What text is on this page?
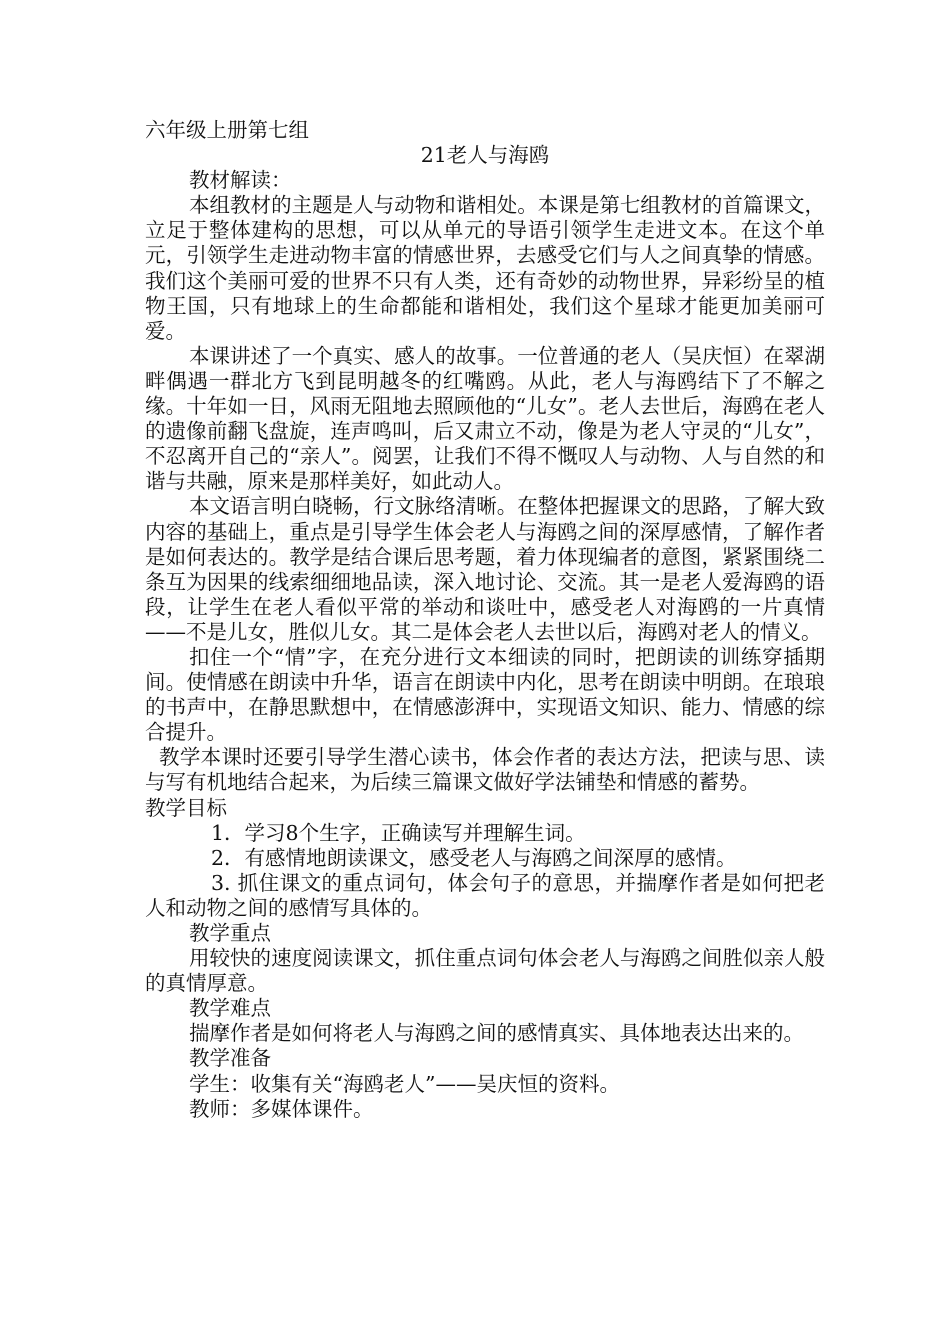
六年级上册第七组

21老人与海鸥

教材解读：

本组教材的主题是人与动物和谐相处。本课是第七组教材的首篇课文，立足于整体建构的思想，可以从单元的导语引领学生走进文本。在这个单元，引领学生走进动物丰富的情感世界，去感受它们与人之间真挚的情感。我们这个美丽可爱的世界不只有人类，还有奇妙的动物世界，异彩纷呈的植物王国，只有地球上的生命都能和谐相处，我们这个星球才能更加美丽可爱。

本课讲述了一个真实、感人的故事。一位普通的老人（吴庆恒）在翠湖畔偶遇一群北方飞到昆明越冬的红嘴鸥。从此，老人与海鸥结下了不解之缘。十年如一日，风雨无阻地去照顾他的“儿女”。老人去世后，海鸥在老人的遗像前翻飞盘旋，连声鸣叫，后又肃立不动，像是为老人守灵的“儿女”，不忍离开自己的“亲人”。阅罢，让我们不得不慨叹人与动物、人与自然的和谐与共融，原来是那样美好，如此动人。

本文语言明白晓畅，行文脉络清晰。在整体把握课文的思路，了解大致内容的基础上，重点是引导学生体会老人与海鸥之间的深厚感情，了解作者是如何表达的。教学是结合课后思考题，着力体现编者的意图，紧紧围绕二条互为因果的线索细细地品读，深入地讨论、交流。其一是老人爱海鸥的语段，让学生在老人看似平常的举动和谈吐中，感受老人对海鸥的一片真情——不是儿女，胜似儿女。其二是体会老人去世以后，海鸥对老人的情义。

扣住一个“情”字，在充分进行文本细读的同时，把朗读的训练穿插期间。使情感在朗读中升华，语言在朗读中内化，思考在朗读中明朗。在琅琅的书声中，在静思默想中，在情感澎湃中，实现语文知识、能力、情感的综合提升。

教学本课时还要引导学生潜心读书，体会作者的表达方法，把读与思、读与写有机地结合起来，为后续三篇课文做好学法铺垫和情感的蓄势。

教学目标

1．学习8个生字，正确读写并理解生词。

2．有感情地朗读课文，感受老人与海鸥之间深厚的感情。

3. 抓住课文的重点词句，体会句子的意思，并揣摩作者是如何把老人和动物之间的感情写具体的。

教学重点

用较快的速度阅读课文，抓住重点词句体会老人与海鸥之间胜似亲人般的真情厚意。

教学难点

揣摩作者是如何将老人与海鸥之间的感情真实、具体地表达出来的。

教学准备

学生：收集有关“海鸥老人”——吴庆恒的资料。

教师：多媒体课件。
